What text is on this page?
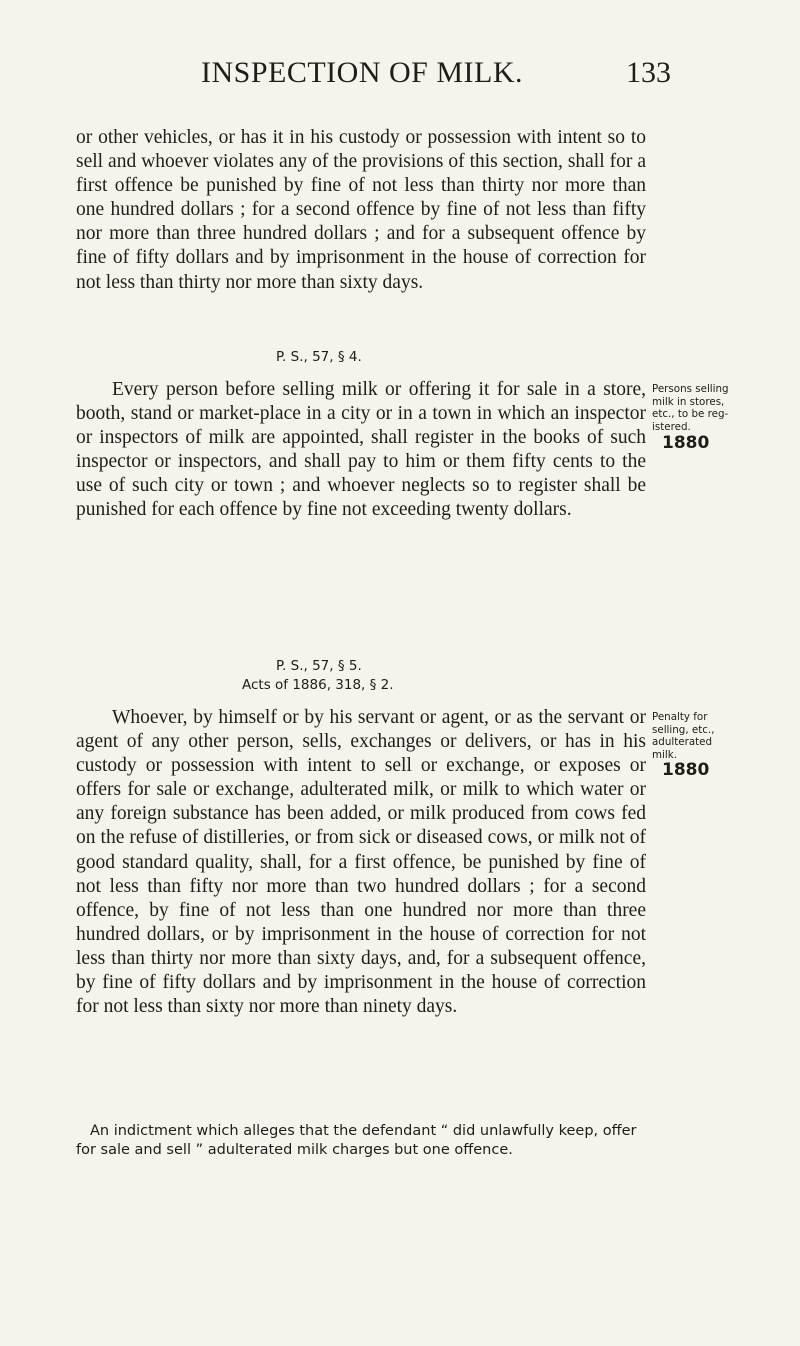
INSPECTION OF MILK.	133

or other vehicles, or has it in his custody or possession with intent so to sell and whoever violates any of the provisions of this section, shall for a first offence be punished by fine of not less than thirty nor more than one hundred dollars ; for a second offence by fine of not less than fifty nor more than three hundred dollars ; and for a subsequent offence by fine of fifty dollars and by imprisonment in the house of correction for not less than thirty nor more than sixty days.

P. S., 57, § 4.

Every person before selling milk or offering it for sale in a store, booth, stand or market-place in a city or in a town in which an inspector or inspectors of milk are appointed, shall register in the books of such inspector or inspectors, and shall pay to him or them fifty cents to the use of such city or town ; and whoever neglects so to register shall be punished for each offence by fine not exceeding twenty dollars.

Persons selling
milk in stores,
etc., to be reg-
istered.
1880
P. S., 57, § 5.
Acts of 1886, 318, § 2.

Whoever, by himself or by his servant or agent, or as the servant or agent of any other person, sells, exchanges or delivers, or has in his custody or possession with intent to sell or exchange, or exposes or offers for sale or exchange, adulterated milk, or milk to which water or any foreign substance has been added, or milk produced from cows fed on the refuse of distilleries, or from sick or diseased cows, or milk not of good standard quality, shall, for a first offence, be punished by fine of not less than fifty nor more than two hundred dollars ; for a second offence, by fine of not less than one hundred nor more than three hundred dollars, or by imprisonment in the house of correction for not less than thirty nor more than sixty days, and, for a subsequent offence, by fine of fifty dollars and by imprisonment in the house of correction for not less than sixty nor more than ninety days.

Penalty for
selling, etc.,
adulterated
milk.
1880

An indictment which alleges that the defendant “ did unlawfully keep, offer for sale and sell ” adulterated milk charges but one offence.
